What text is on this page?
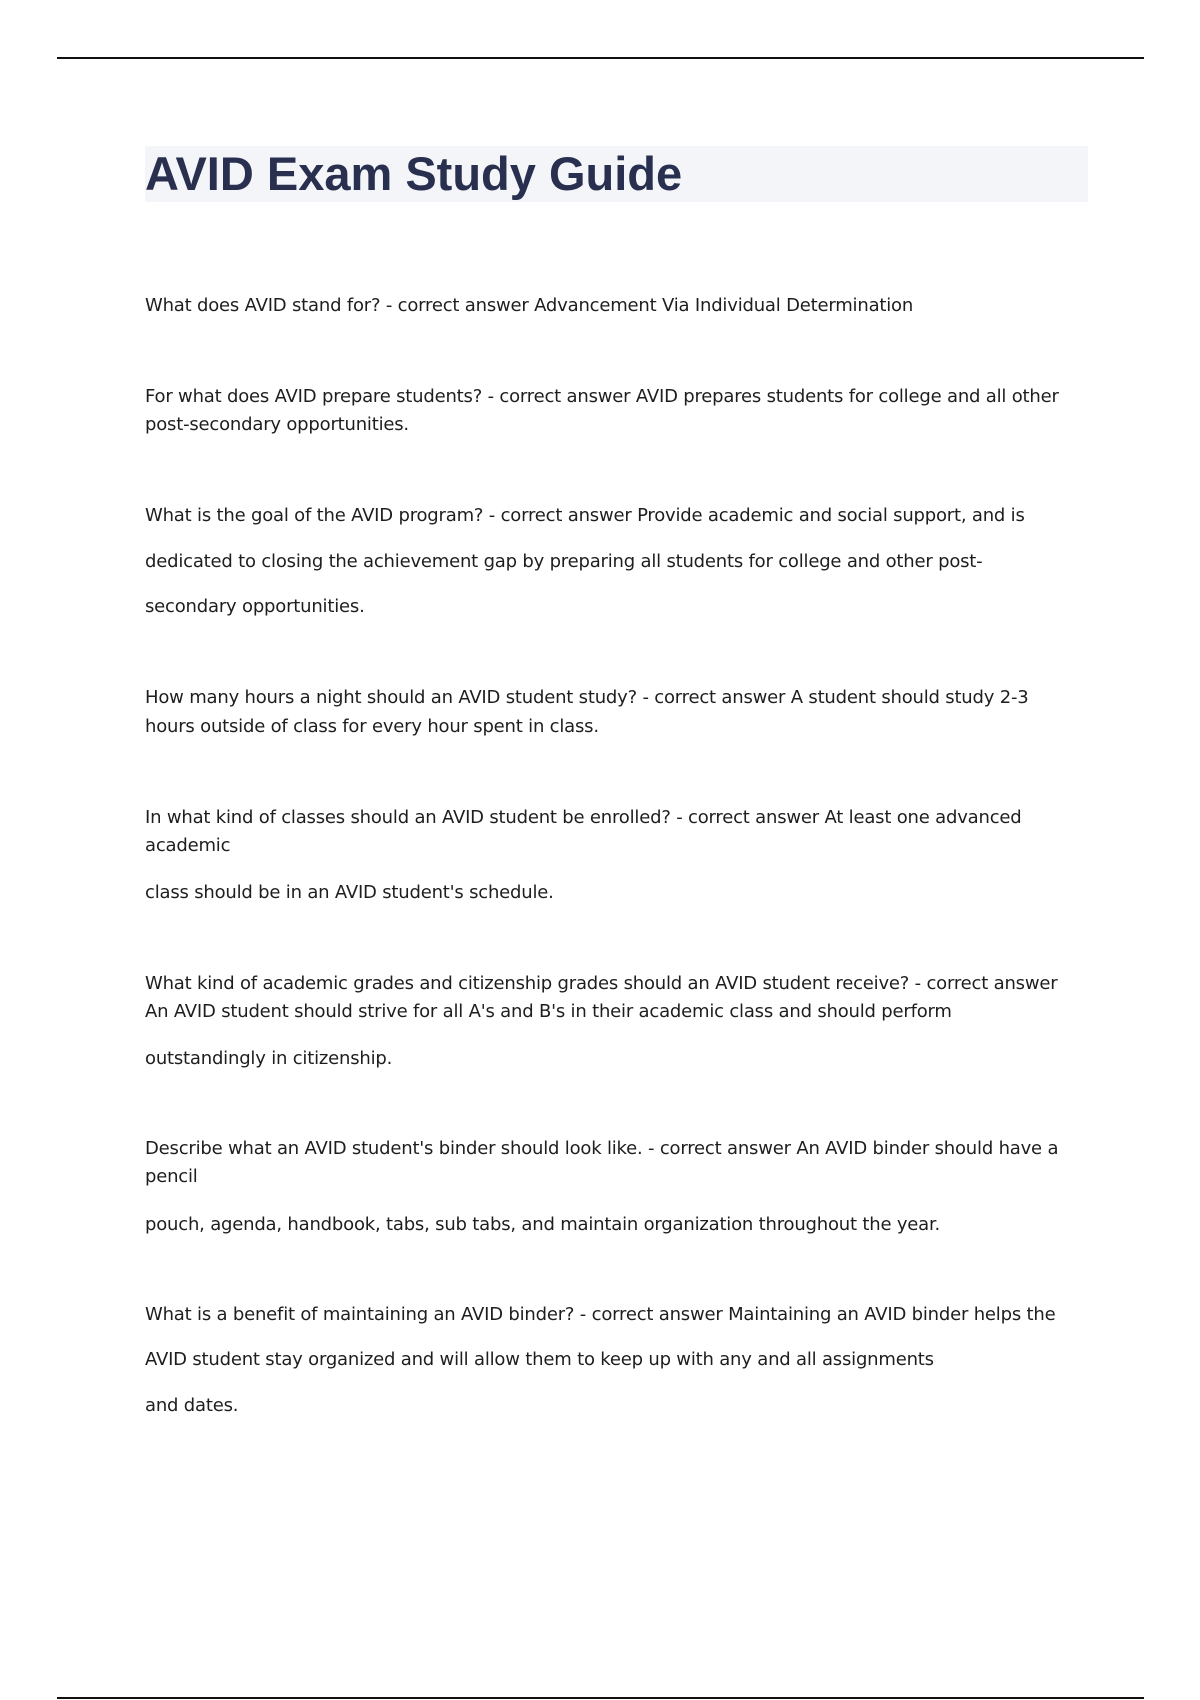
AVID Exam Study Guide
What does AVID stand for? - correct answer Advancement Via Individual Determination
For what does AVID prepare students? - correct answer AVID prepares students for college and all other
post-secondary opportunities.
What is the goal of the AVID program? - correct answer Provide academic and social support, and is
dedicated to closing the achievement gap by preparing all students for college and other post-
secondary opportunities.
How many hours a night should an AVID student study? - correct answer A student should study 2-3
hours outside of class for every hour spent in class.
In what kind of classes should an AVID student be enrolled? - correct answer At least one advanced
academic
class should be in an AVID student's schedule.
What kind of academic grades and citizenship grades should an AVID student receive? - correct answer
An AVID student should strive for all A's and B's in their academic class and should perform
outstandingly in citizenship.
Describe what an AVID student's binder should look like. - correct answer An AVID binder should have a
pencil
pouch, agenda, handbook, tabs, sub tabs, and maintain organization throughout the year.
What is a benefit of maintaining an AVID binder? - correct answer Maintaining an AVID binder helps the
AVID student stay organized and will allow them to keep up with any and all assignments
and dates.
